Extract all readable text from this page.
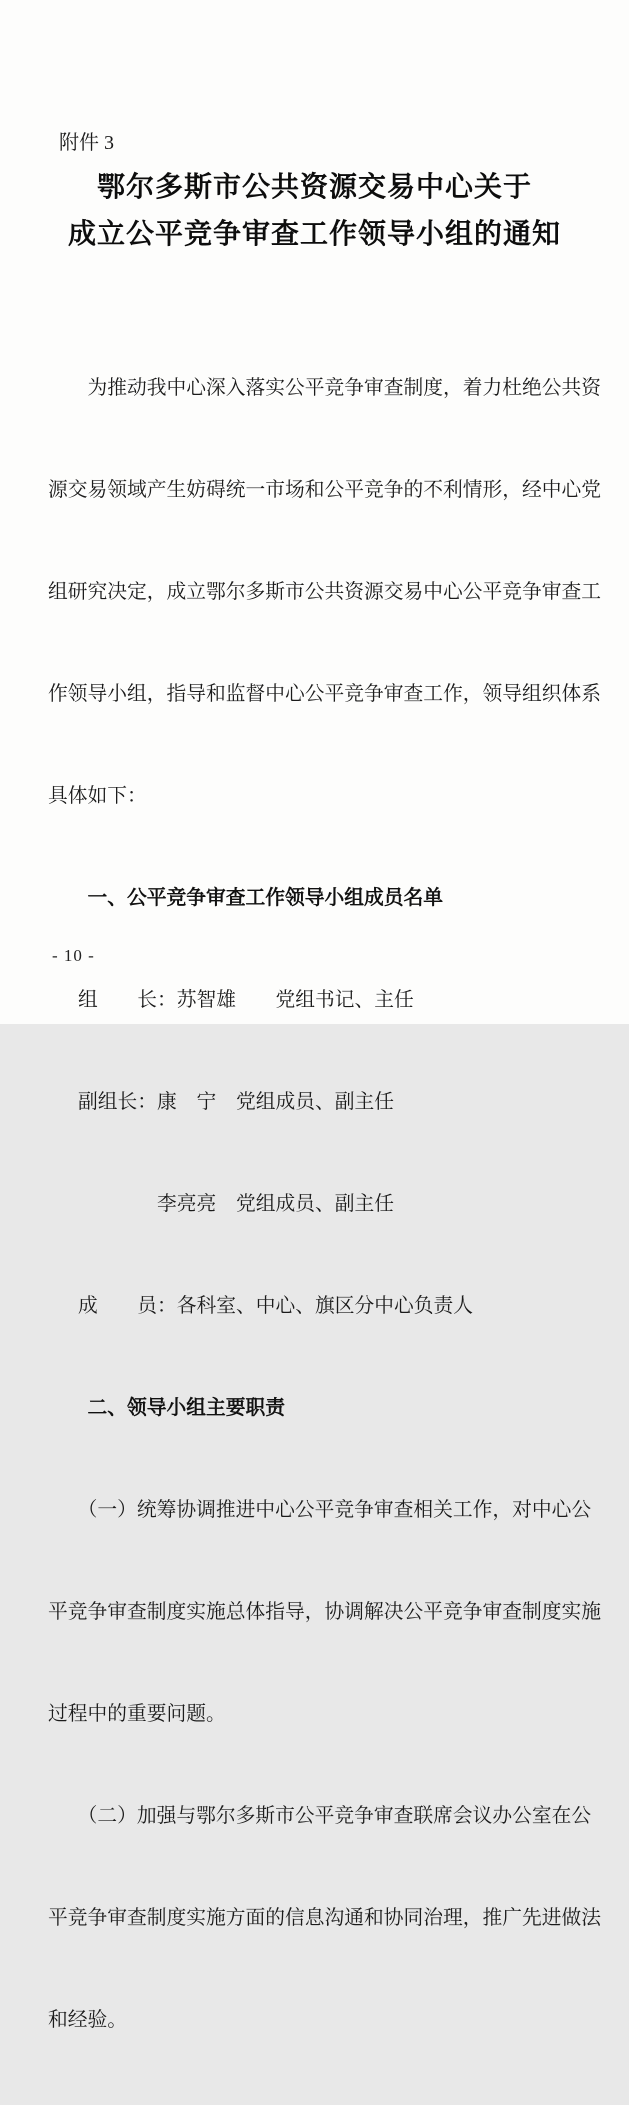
附件 3
鄂尔多斯市公共资源交易中心关于
成立公平竞争审查工作领导小组的通知

　　为推动我中心深入落实公平竞争审查制度，着力杜绝公共资

源交易领域产生妨碍统一市场和公平竞争的不利情形，经中心党

组研究决定，成立鄂尔多斯市公共资源交易中心公平竞争审查工

作领导小组，指导和监督中心公平竞争审查工作，领导组织体系

具体如下：

　　一、公平竞争审查工作领导小组成员名单

组　　长：苏智雄　　党组书记、主任

副组长：康　宁　党组成员、副主任

　　　　李亮亮　党组成员、副主任

成　　员：各科室、中心、旗区分中心负责人

　　二、领导小组主要职责

　　（一）统筹协调推进中心公平竞争审查相关工作，对中心公

平竞争审查制度实施总体指导，协调解决公平竞争审查制度实施

过程中的重要问题。

　　（二）加强与鄂尔多斯市公平竞争审查联席会议办公室在公

平竞争审查制度实施方面的信息沟通和协同治理，推广先进做法

和经验。

- 10 -
